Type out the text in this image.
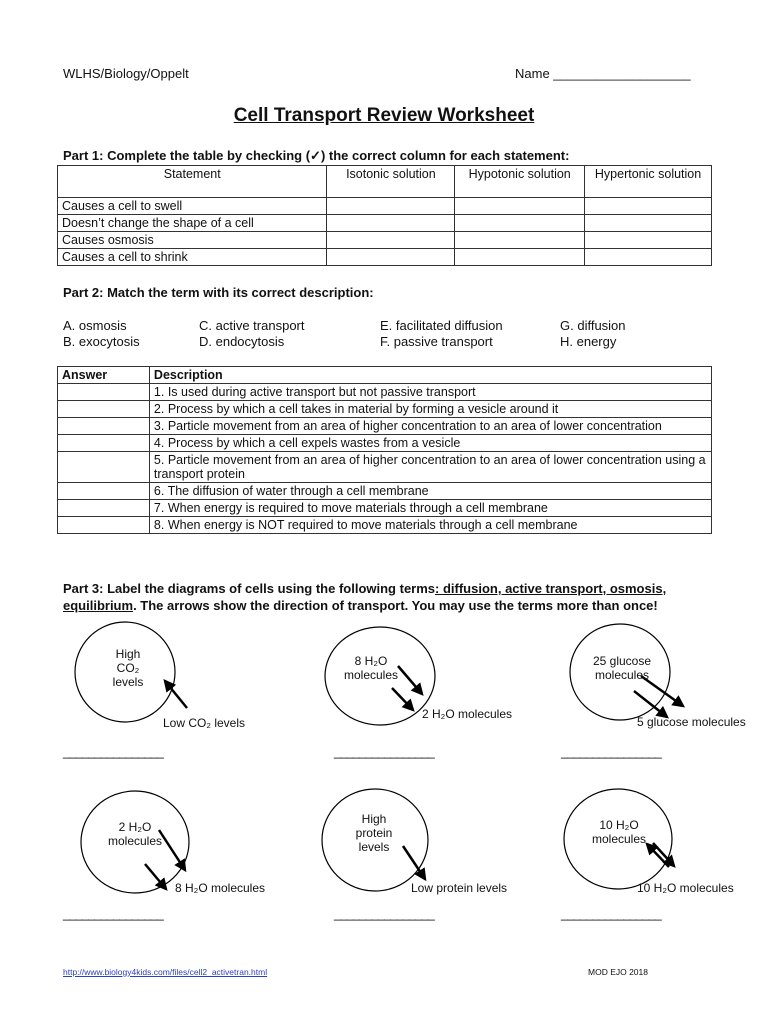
WLHS/Biology/Oppelt	Name ___________________
Cell Transport Review Worksheet
Part 1: Complete the table by checking (✓) the correct column for each statement:
Statement	Isotonic solution	Hypotonic solution	Hypertonic solution
Causes a cell to swell			
Doesn’t change the shape of a cell			
Causes osmosis			
Causes a cell to shrink			
Part 2: Match the term with its correct description:
A. osmosis	C. active transport	E. facilitated diffusion	G. diffusion
B. exocytosis	D. endocytosis	F. passive transport	H. energy
Answer	Description
	1. Is used during active transport but not passive transport
	2. Process by which a cell takes in material by forming a vesicle around it
	3. Particle movement from an area of higher concentration to an area of lower concentration
	4. Process by which a cell expels wastes from a vesicle
	5. Particle movement from an area of higher concentration to an area of lower concentration using a transport protein
	6. The diffusion of water through a cell membrane
	7. When energy is required to move materials through a cell membrane
	8. When energy is NOT required to move materials through a cell membrane
Part 3: Label the diagrams of cells using the following terms: diffusion, active transport, osmosis,
equilibrium. The arrows show the direction of transport. You may use the terms more than once!
High
CO₂
levels
Low CO₂ levels
________________
8 H₂O
molecules
2 H₂O molecules
________________
25 glucose
molecules
5 glucose molecules
________________
2 H₂O
molecules
8 H₂O molecules
________________
High
protein
levels
Low protein levels
________________
10 H₂O
molecules
10 H₂O molecules
________________
http://www.biology4kids.com/files/cell2_activetran.html	MOD EJO 2018
